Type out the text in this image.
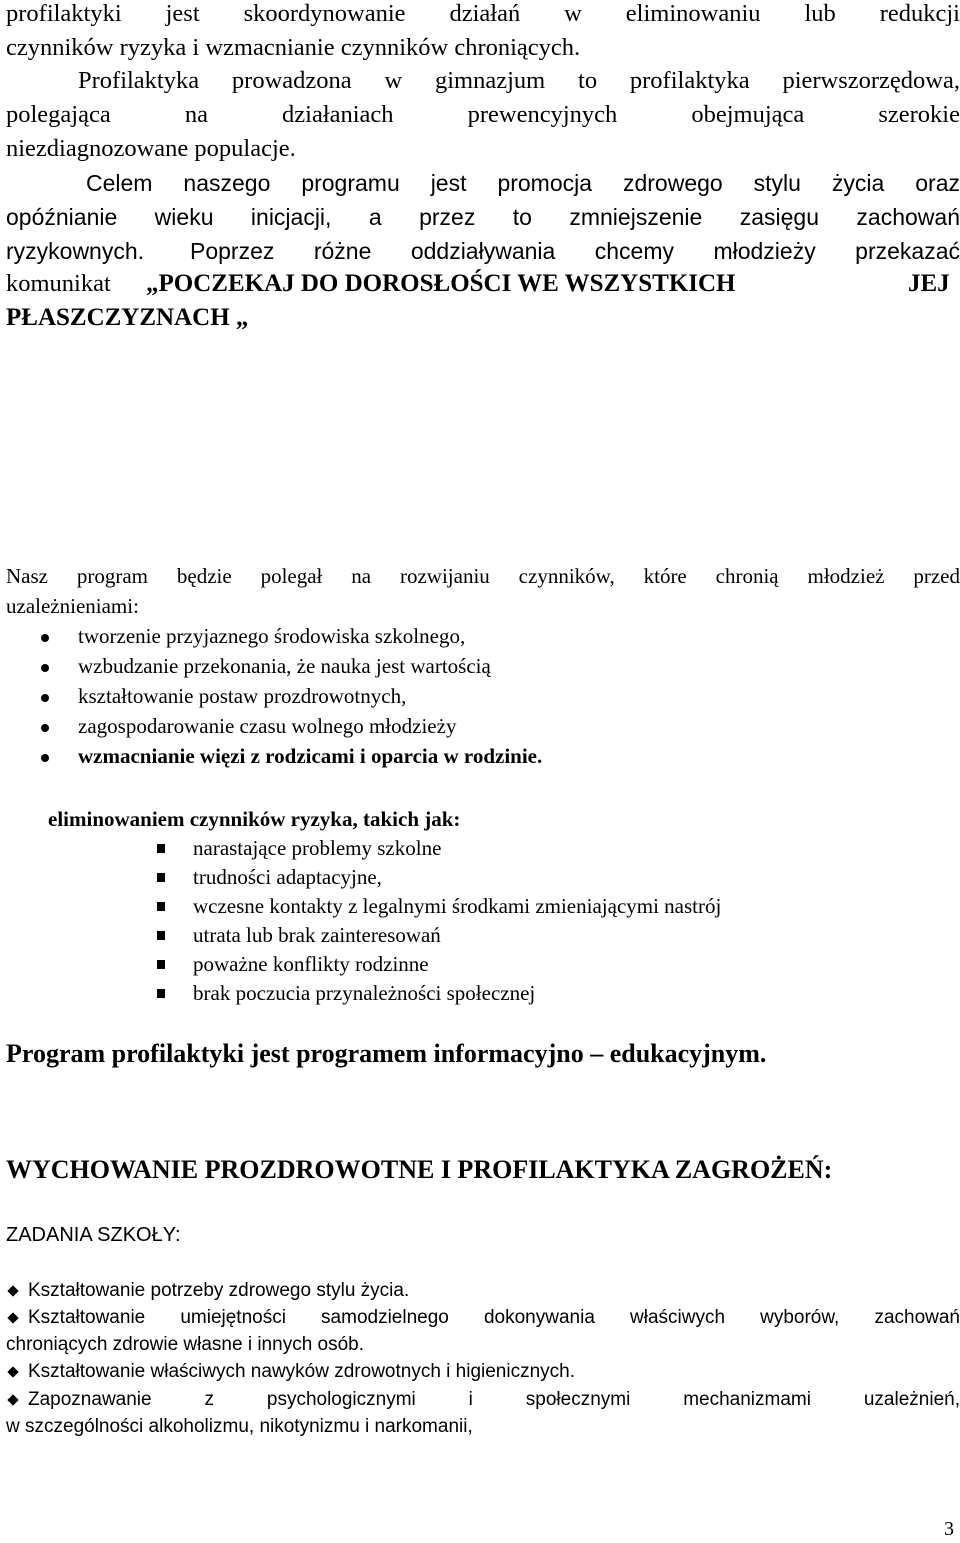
profilaktyki jest skoordynowanie działań w eliminowaniu lub redukcji
czynników ryzyka i wzmacnianie czynników chroniących.
Profilaktyka prowadzona w gimnazjum to profilaktyka pierwszorzędowa,
polegająca na działaniach prewencyjnych obejmująca szerokie
niezdiagnozowane populacje.
Celem naszego programu jest promocja zdrowego stylu życia oraz
opóźnianie wieku inicjacji, a przez to zmniejszenie zasięgu zachowań
ryzykownych. Poprzez różne oddziaływania chcemy młodzieży przekazać
komunikat „POCZEKAJ DO DOROSŁOŚCI WE WSZYSTKICH	JEJ
PŁASZCZYZNACH „
Nasz program będzie polegał na rozwijaniu czynników, które chronią młodzież przed
uzależnieniami:
tworzenie przyjaznego środowiska szkolnego,
wzbudzanie przekonania, że nauka jest wartością
kształtowanie postaw prozdrowotnych,
zagospodarowanie czasu wolnego młodzieży
wzmacnianie więzi z rodzicami i oparcia w rodzinie.
eliminowaniem czynników ryzyka, takich jak:
narastające problemy szkolne
trudności adaptacyjne,
wczesne kontakty z legalnymi środkami zmieniającymi nastrój
utrata lub brak zainteresowań
poważne konflikty rodzinne
brak poczucia przynależności społecznej
Program profilaktyki jest programem informacyjno – edukacyjnym.
WYCHOWANIE PROZDROWOTNE I PROFILAKTYKA ZAGROŻEŃ:
ZADANIA SZKOŁY:
Kształtowanie potrzeby zdrowego stylu życia.
Kształtowanie umiejętności samodzielnego dokonywania właściwych wyborów, zachowań
chroniących zdrowie własne i innych osób.
Kształtowanie właściwych nawyków zdrowotnych i higienicznych.
Zapoznawanie z psychologicznymi i społecznymi mechanizmami uzależnień,
w szczególności alkoholizmu, nikotynizmu i narkomanii,
3
